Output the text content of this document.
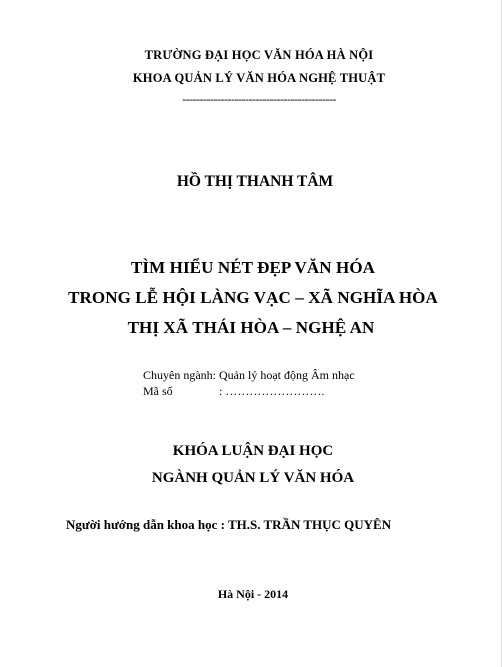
TRƯỜNG ĐẠI HỌC VĂN HÓA HÀ NỘI
KHOA QUẢN LÝ VĂN HÓA NGHỆ THUẬT
--------------------------------------------
HỒ THỊ THANH TÂM
TÌM HIỂU NÉT ĐẸP VĂN HÓA
TRONG LỄ HỘI LÀNG VẠC – XÃ NGHĨA HÒA
THỊ XÃ THÁI HÒA – NGHỆ AN
Chuyên ngành: Quản lý hoạt động Âm nhạc
Mã số	: …………………….
KHÓA LUẬN ĐẠI HỌC
NGÀNH QUẢN LÝ VĂN HÓA
Người hướng dẫn khoa học : TH.S. TRẦN THỤC QUYÊN
Hà Nội - 2014
